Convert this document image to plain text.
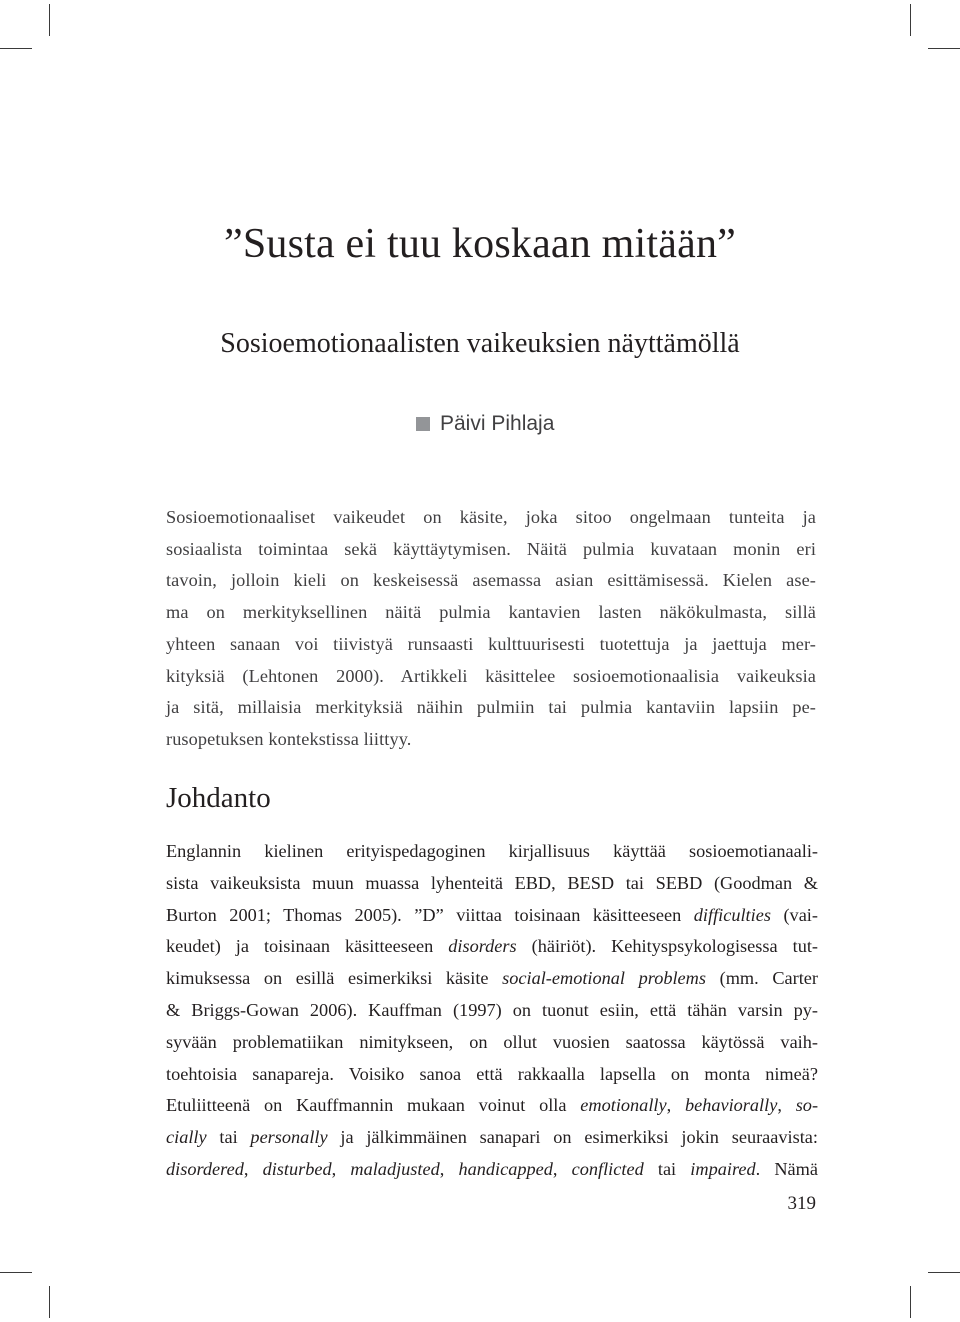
”Susta ei tuu koskaan mitään”
Sosioemotionaalisten vaikeuksien näyttämöllä
Päivi Pihlaja
Sosioemotionaaliset vaikeudet on käsite, joka sitoo ongelmaan tunteita ja
sosiaalista toimintaa sekä käyttäytymisen. Näitä pulmia kuvataan monin eri
tavoin, jolloin kieli on keskeisessä asemassa asian esittämisessä. Kielen ase-
ma on merkityksellinen näitä pulmia kantavien lasten näkökulmasta, sillä
yhteen sanaan voi tiivistyä runsaasti kulttuurisesti tuotettuja ja jaettuja mer-
kityksiä (Lehtonen 2000). Artikkeli käsittelee sosioemotionaalisia vaikeuksia
ja sitä, millaisia merkityksiä näihin pulmiin tai pulmia kantaviin lapsiin pe-
rusopetuksen kontekstissa liittyy.
Johdanto
Englannin kielinen erityispedagoginen kirjallisuus käyttää sosioemotianaali-
sista vaikeuksista muun muassa lyhenteitä EBD, BESD tai SEBD (Goodman &
Burton 2001; Thomas 2005). ”D” viittaa toisinaan käsitteeseen difficulties (vai-
keudet) ja toisinaan käsitteeseen disorders (häiriöt). Kehityspsykologisessa tut-
kimuksessa on esillä esimerkiksi käsite social-emotional problems (mm. Carter
& Briggs-Gowan 2006). Kauffman (1997) on tuonut esiin, että tähän varsin py-
syvään problematiikan nimitykseen, on ollut vuosien saatossa käytössä vaih-
toehtoisia sanapareja. Voisiko sanoa että rakkaalla lapsella on monta nimeä?
Etuliitteenä on Kauffmannin mukaan voinut olla emotionally, behaviorally, so-
cially tai personally ja jälkimmäinen sanapari on esimerkiksi jokin seuraavista:
disordered, disturbed, maladjusted, handicapped, conflicted tai impaired. Nämä
319
